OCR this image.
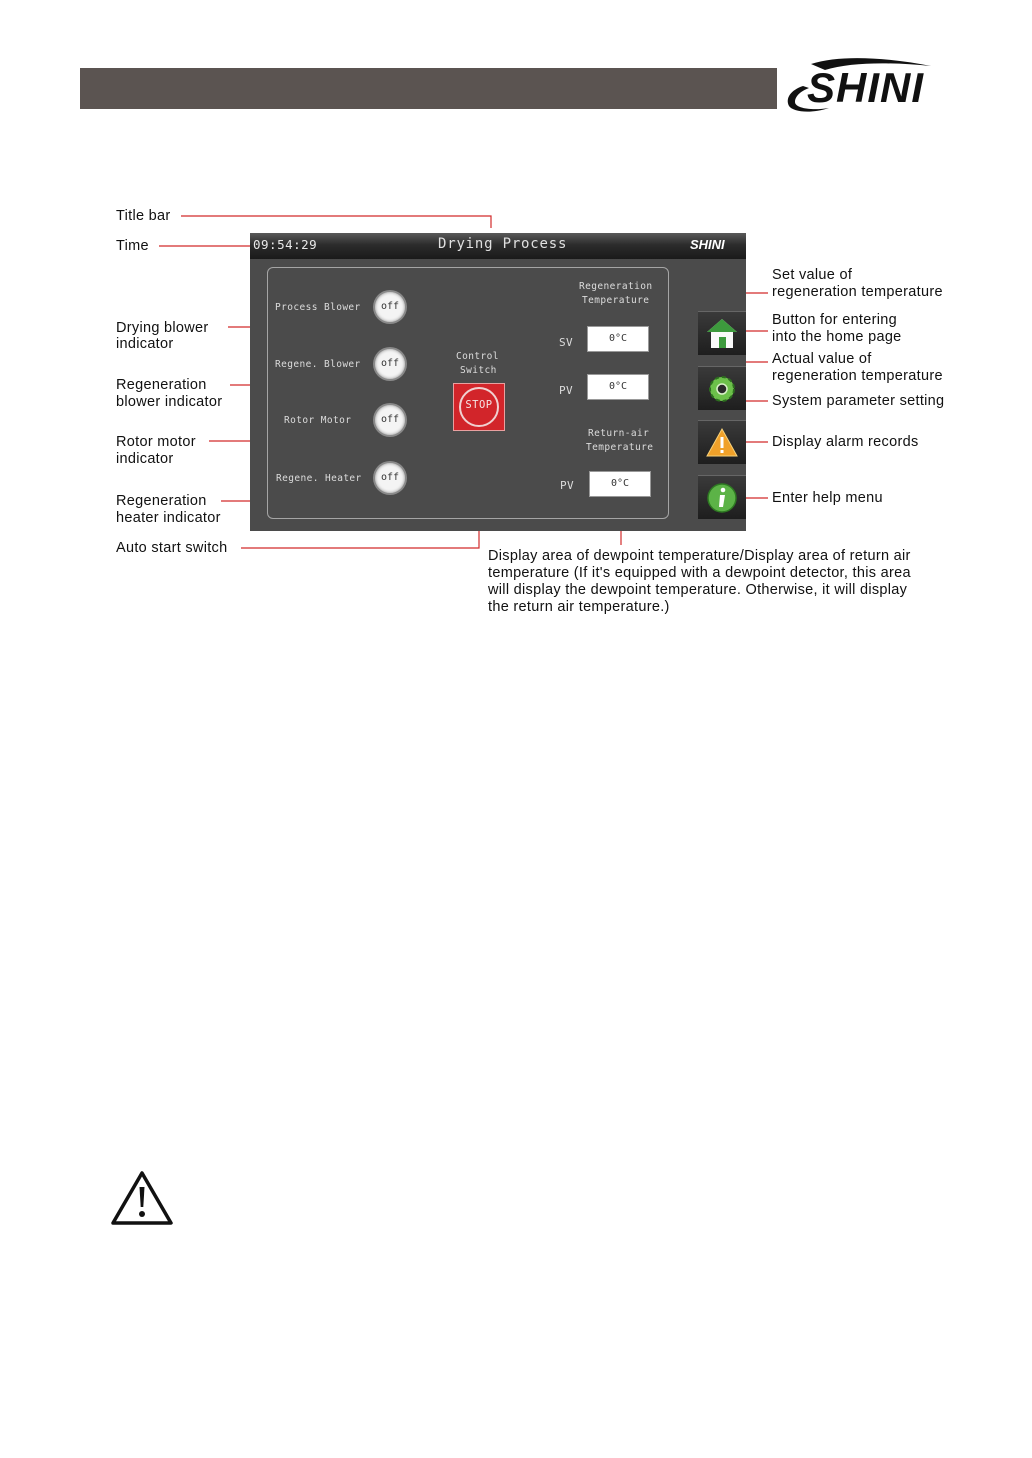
SHINI
Title bar
Time
Drying blower
indicator
Regeneration
blower indicator
Rotor motor
indicator
Regeneration
heater indicator
Auto start switch
Set value of
regeneration temperature
Button for entering
into the home page
Actual value of
regeneration temperature
System parameter setting
Display alarm records
Enter help menu
Display area of dewpoint temperature/Display area of return air
temperature (If it's equipped with a dewpoint detector, this area
will display the dewpoint temperature. Otherwise, it will display
the return air temperature.)
09:54:29	Drying Process	SHINI
Process Blower	off
Regene. Blower	off
Rotor Motor	off
Regene. Heater	off
Control
Switch
STOP
Regeneration
Temperature
SV	0°C
PV	0°C
Return-air
Temperature
PV	0°C
